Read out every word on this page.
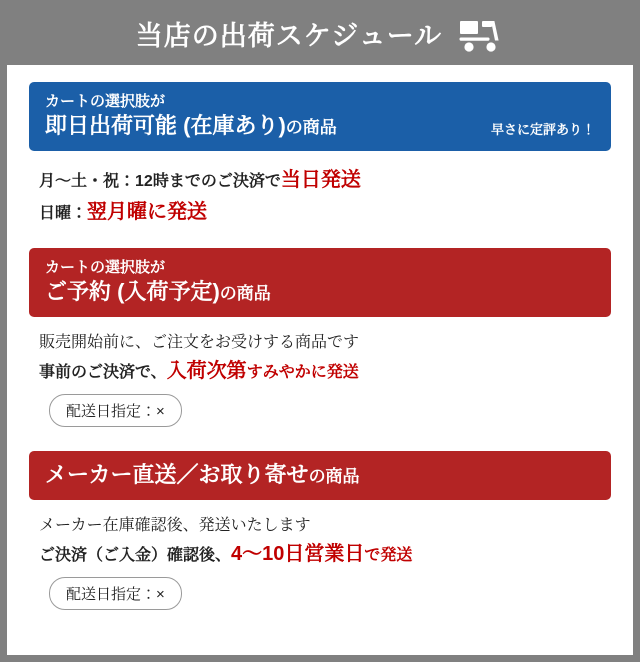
当店の出荷スケジュール
カートの選択肢が
即日出荷可能 (在庫あり)の商品	早さに定評あり！
月〜土・祝：12時までのご決済で当日発送
日曜：翌月曜に発送
カートの選択肢が
ご予約 (入荷予定)の商品
販売開始前に、ご注文をお受けする商品です
事前のご決済で、入荷次第すみやかに発送
配送日指定：×
メーカー直送／お取り寄せの商品
メーカー在庫確認後、発送いたします
ご決済（ご入金）確認後、4〜10日営業日で発送
配送日指定：×
